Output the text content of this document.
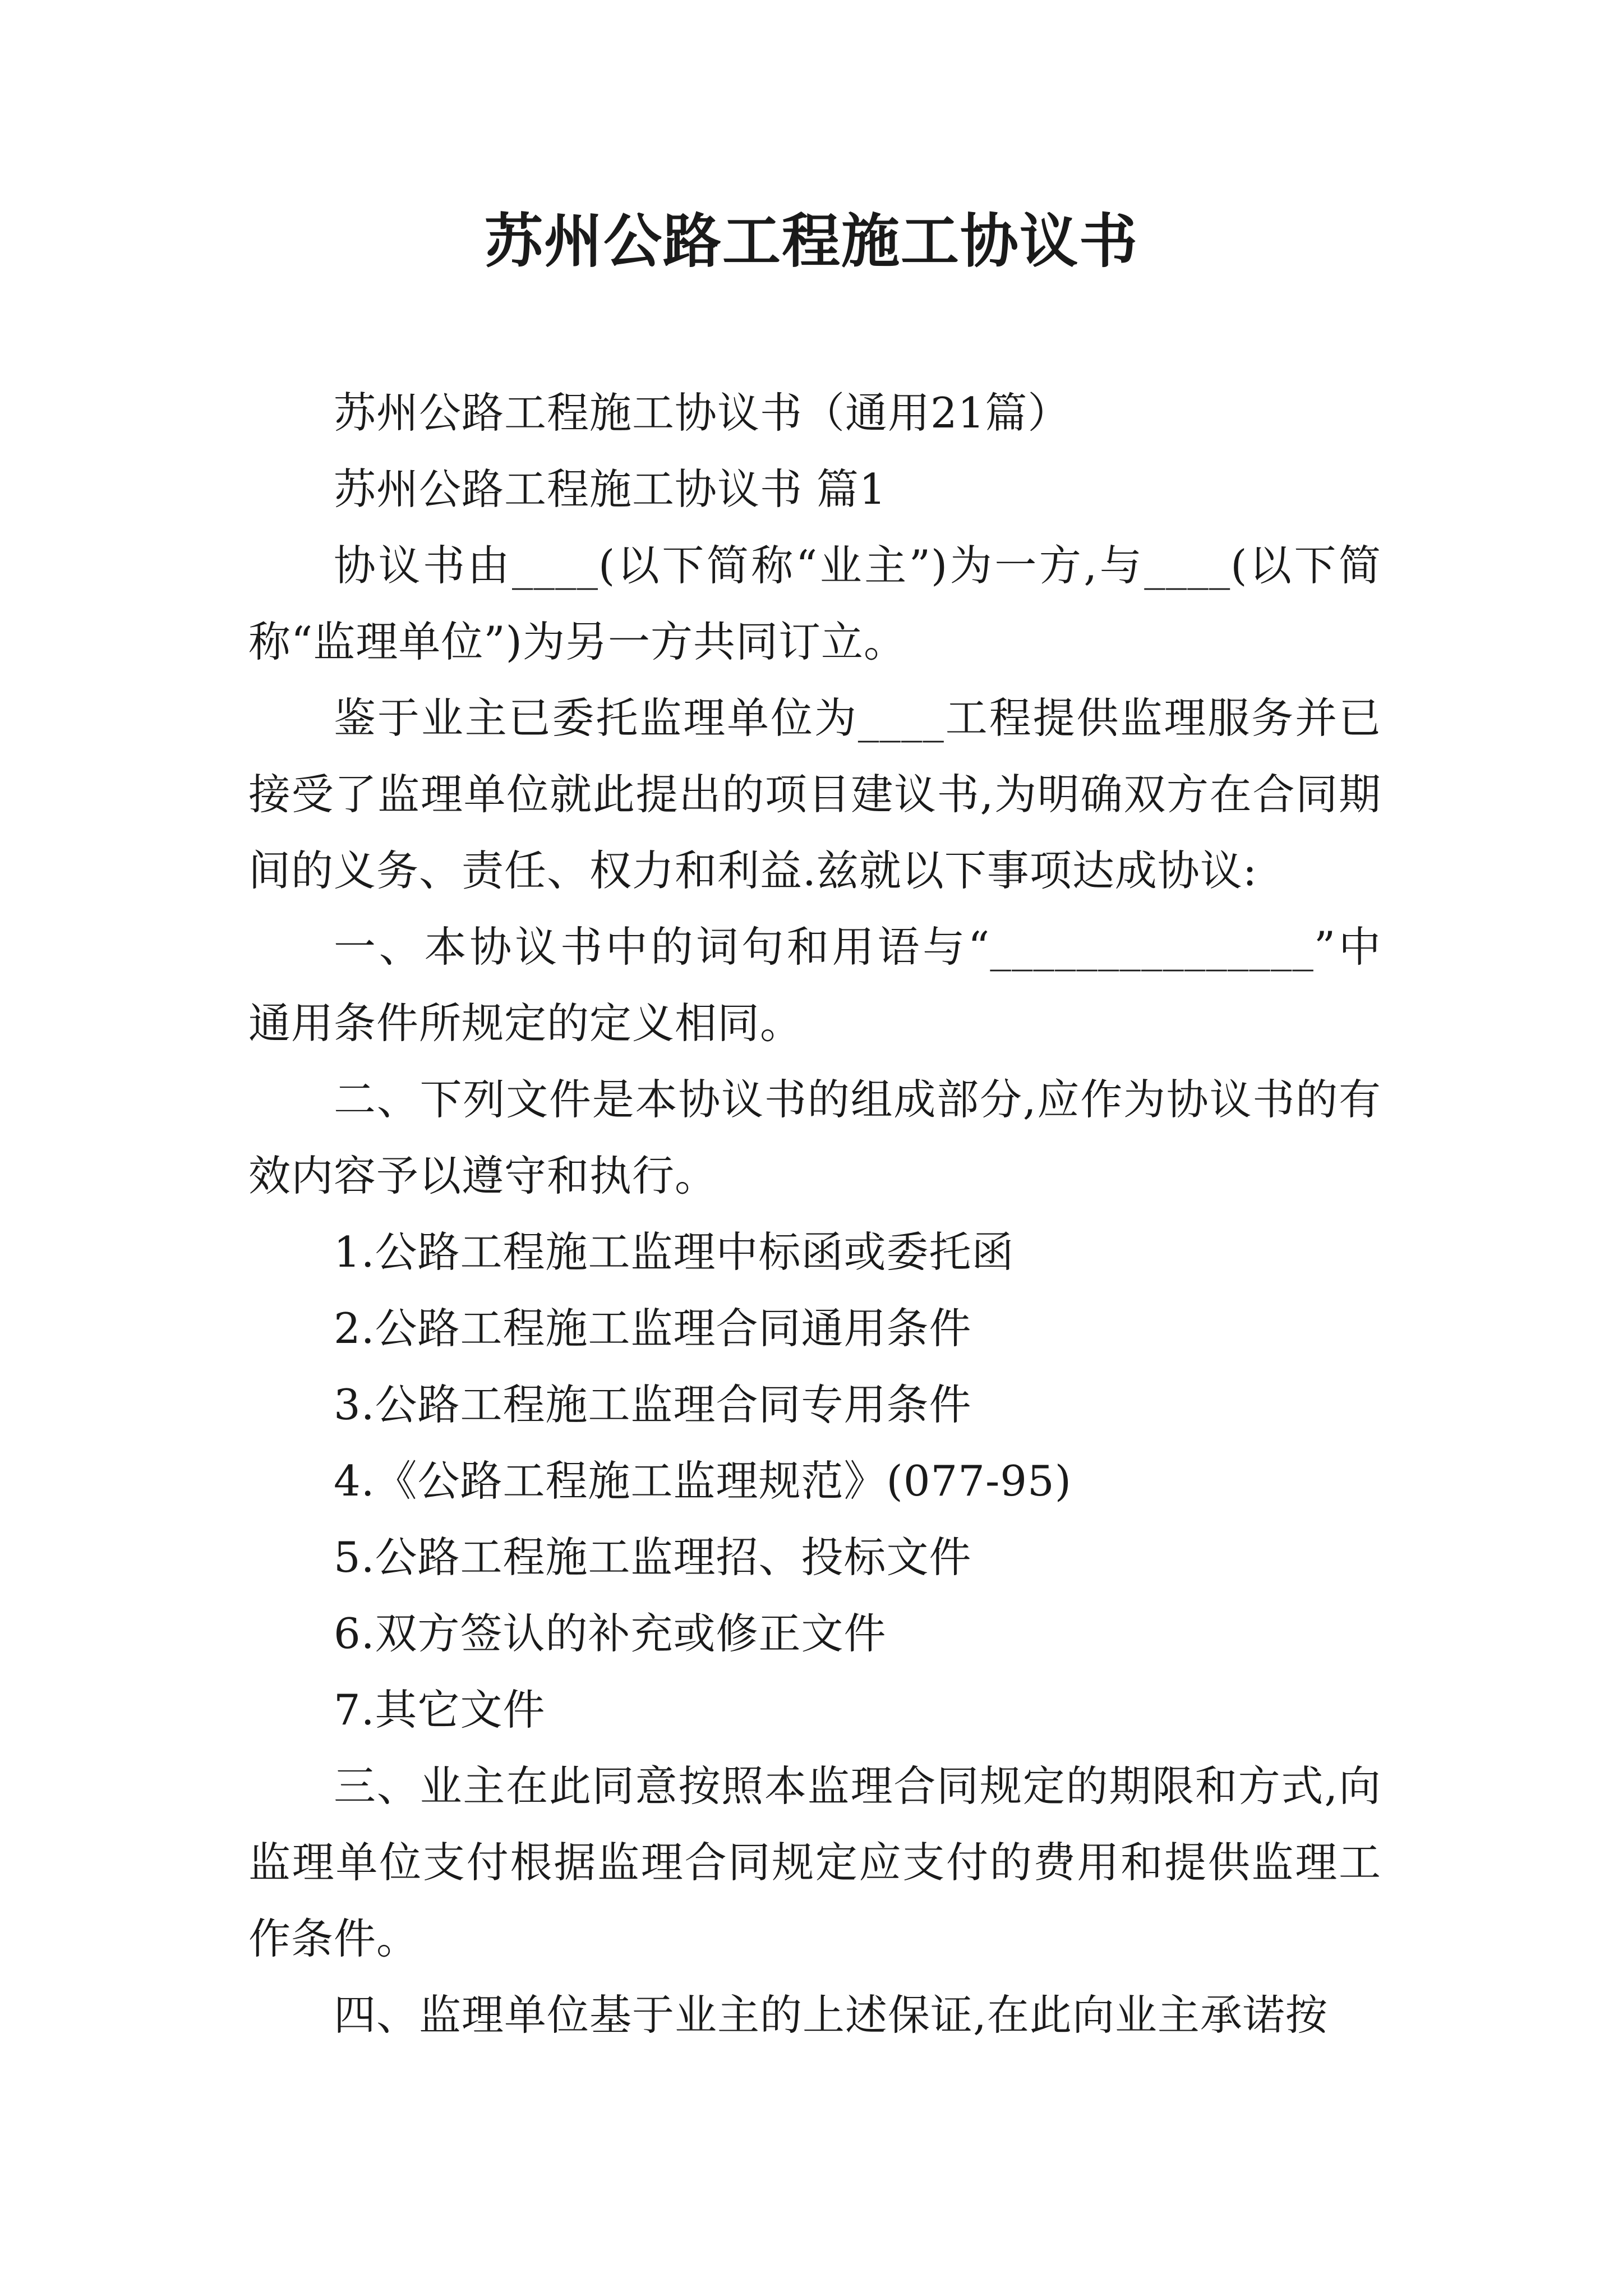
苏州公路工程施工协议书

苏州公路工程施工协议书（通用21篇）

苏州公路工程施工协议书 篇1

协议书由____(以下简称“业主”)为一方,与____(以下简称“监理单位”)为另一方共同订立。

鉴于业主已委托监理单位为____工程提供监理服务并已接受了监理单位就此提出的项目建议书,为明确双方在合同期间的义务、责任、权力和利益.兹就以下事项达成协议:

一、本协议书中的词句和用语与“_______________”中通用条件所规定的定义相同。

二、下列文件是本协议书的组成部分,应作为协议书的有效内容予以遵守和执行。

1.公路工程施工监理中标函或委托函

2.公路工程施工监理合同通用条件

3.公路工程施工监理合同专用条件

4.《公路工程施工监理规范》(077-95)

5.公路工程施工监理招、投标文件

6.双方签认的补充或修正文件

7.其它文件

三、业主在此同意按照本监理合同规定的期限和方式,向监理单位支付根据监理合同规定应支付的费用和提供监理工作条件。

四、监理单位基于业主的上述保证,在此向业主承诺按
